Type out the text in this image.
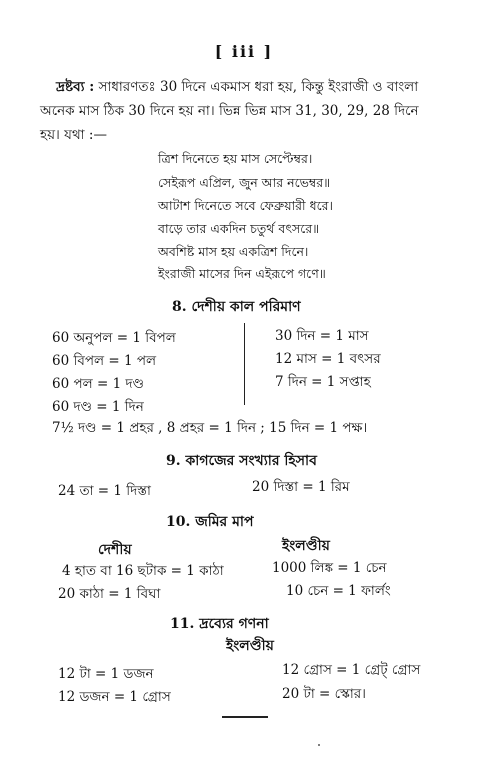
[ iii ]
দ্রষ্টব্য : সাধারণতঃ 30 দিনে একমাস ধরা হয়, কিন্তু ইংরাজী ও বাংলা
অনেক মাস ঠিক 30 দিনে হয় না। ভিন্ন ভিন্ন মাস 31, 30, 29, 28 দিনে
হয়। যথা :—
ত্রিশ দিনেতে হয় মাস সেপ্টেম্বর।
সেইরূপ এপ্রিল, জুন আর নভেম্বর॥
আটাশ দিনেতে সবে ফেব্রুয়ারী ধরে।
বাড়ে তার একদিন চতুর্থ বৎসরে॥
অবশিষ্ট মাস হয় একত্রিশ দিনে।
ইংরাজী মাসের দিন এইরূপে গণে॥
8. দেশীয় কাল পরিমাণ
60 অনুপল = 1 বিপল
60 বিপল = 1 পল
60 পল = 1 দণ্ড
60 দণ্ড = 1 দিন
30 দিন = 1 মাস
12 মাস = 1 বৎসর
7 দিন = 1 সপ্তাহ
7½ দণ্ড = 1 প্রহর , 8 প্রহর = 1 দিন ; 15 দিন = 1 পক্ষ।
9. কাগজের সংখ্যার হিসাব
24 তা = 1 দিস্তা	20 দিস্তা = 1 রিম
10. জমির মাপ
দেশীয়	ইংলণ্ডীয়
4 হাত বা 16 ছটাক = 1 কাঠা
20 কাঠা = 1 বিঘা
1000 লিঙ্ক = 1 চেন
10 চেন = 1 ফার্লং
11. দ্রব্যের গণনা
ইংলণ্ডীয়
12 টা = 1 ডজন
12 ডজন = 1 গ্রোস
12 গ্রোস = 1 গ্রেট্ গ্রোস
20 টা = স্কোর।
